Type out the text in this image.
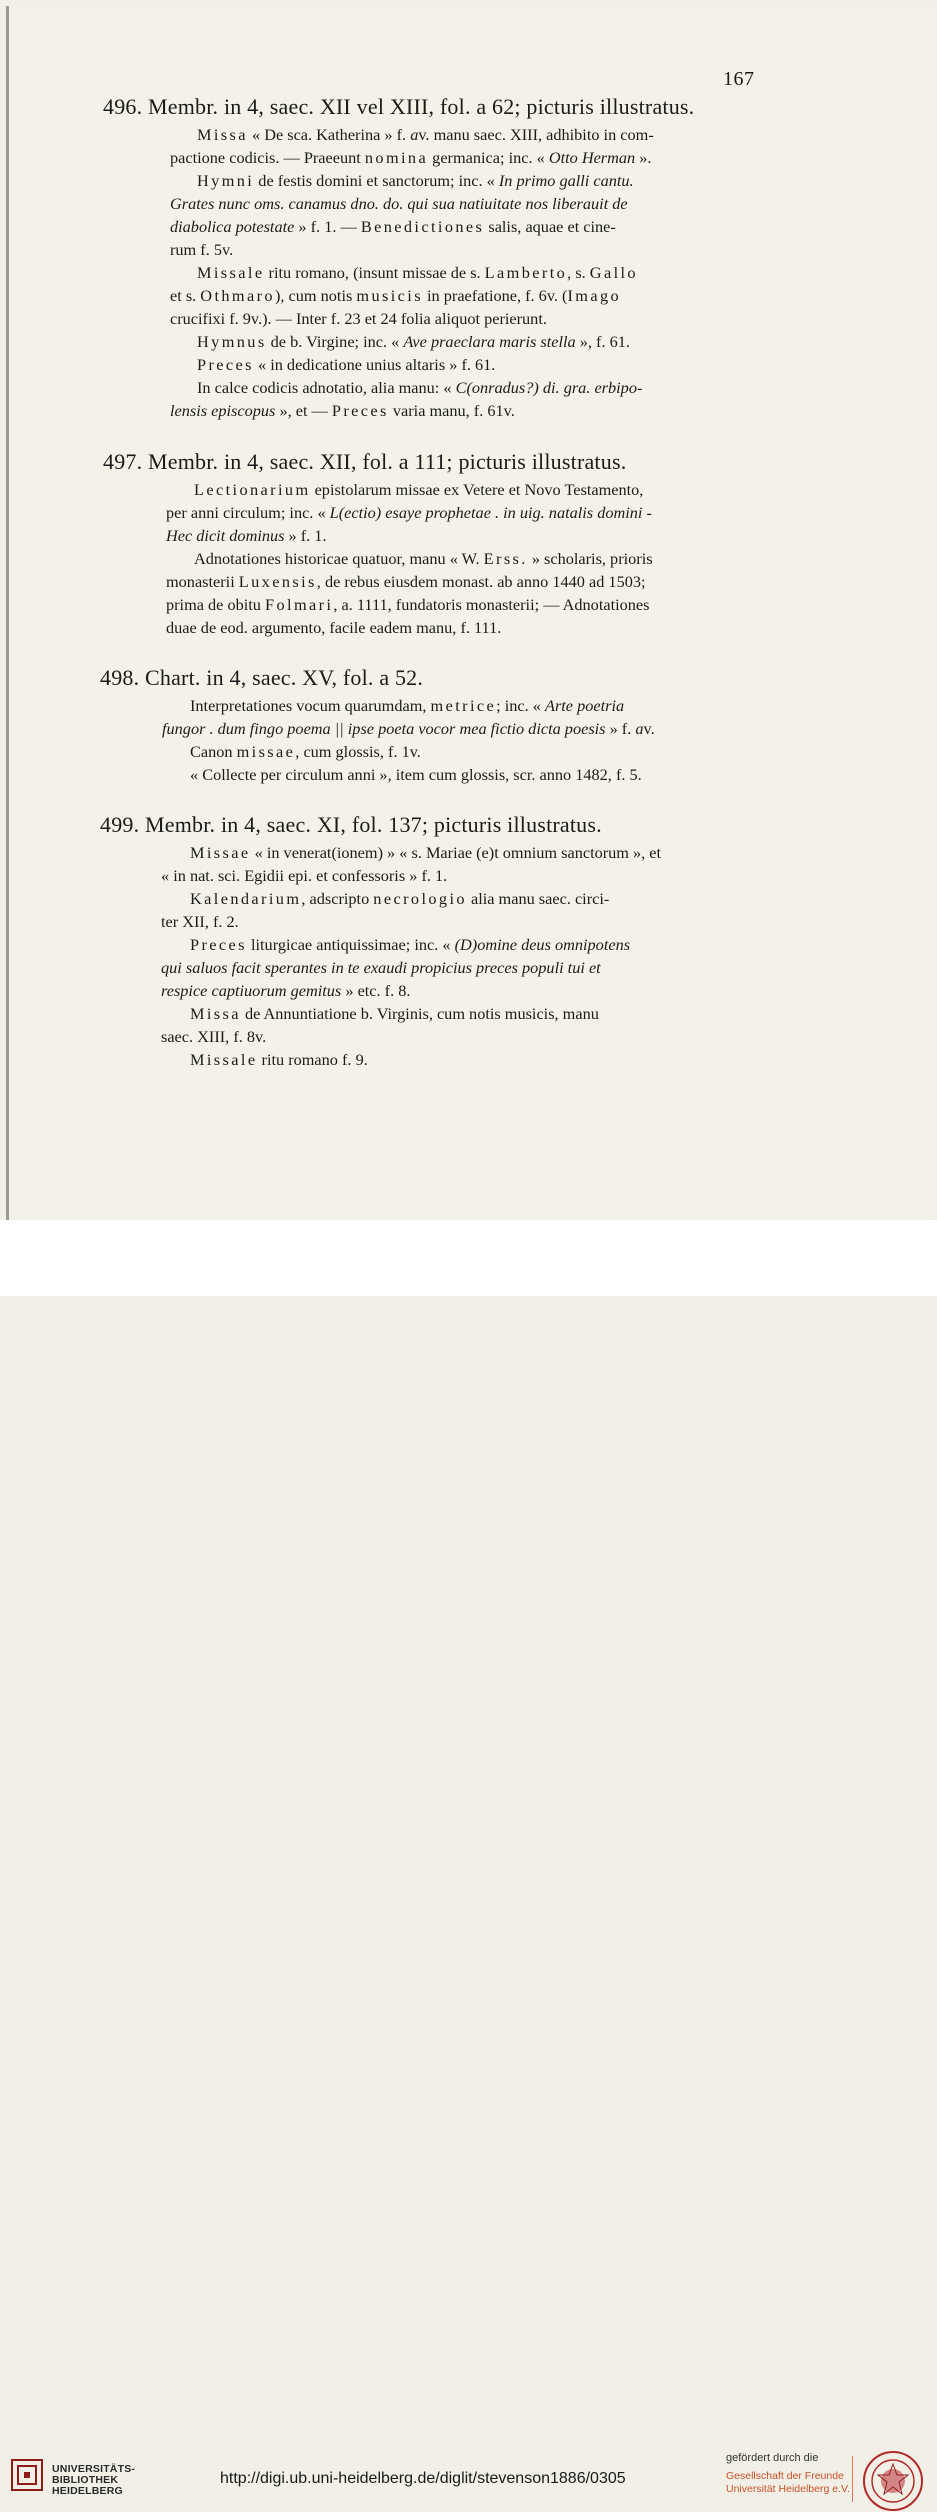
167
496. Membr. in 4, saec. XII vel XIII, fol. a 62; picturis illustratus.
Missa « De sca. Katherina » f. av. manu saec. XIII, adhibito in com-
pactione codicis. — Praeeunt nomina germanica; inc. « Otto Herman ».
Hymni de festis domini et sanctorum; inc. « In primo galli cantu.
Grates nunc oms. canamus dno. do. qui sua natiuitate nos liberauit de
diabolica potestate » f. 1. — Benedictiones salis, aquae et cine-
rum f. 5v.
Missale ritu romano, (insunt missae de s. Lamberto, s. Gallo
et s. Othmaro), cum notis musicis in praefatione, f. 6v. (Imago
crucifixi f. 9v.). — Inter f. 23 et 24 folia aliquot perierunt.
Hymnus de b. Virgine; inc. « Ave praeclara maris stella », f. 61.
Preces « in dedicatione unius altaris » f. 61.
In calce codicis adnotatio, alia manu: « C(onradus?) di. gra. erbipo-
lensis episcopus », et — Preces varia manu, f. 61v.
497. Membr. in 4, saec. XII, fol. a 111; picturis illustratus.
Lectionarium epistolarum missae ex Vetere et Novo Testamento,
per anni circulum; inc. « L(ectio) esaye prophetae . in uig. natalis domini -
Hec dicit dominus » f. 1.
Adnotationes historicae quatuor, manu « W. Erss. » scholaris, prioris
monasterii Luxensis, de rebus eiusdem monast. ab anno 1440 ad 1503;
prima de obitu Folmari, a. 1111, fundatoris monasterii; — Adnotationes
duae de eod. argumento, facile eadem manu, f. 111.
498. Chart. in 4, saec. XV, fol. a 52.
Interpretationes vocum quarumdam, metrice; inc. « Arte poetria
fungor . dum fingo poema || ipse poeta vocor mea fictio dicta poesis » f. av.
Canon missae, cum glossis, f. 1v.
« Collecte per circulum anni », item cum glossis, scr. anno 1482, f. 5.
499. Membr. in 4, saec. XI, fol. 137; picturis illustratus.
Missae « in venerat(ionem) » « s. Mariae (e)t omnium sanctorum », et
« in nat. sci. Egidii epi. et confessoris » f. 1.
Kalendarium, adscripto necrologio alia manu saec. circi-
ter XII, f. 2.
Preces liturgicae antiquissimae; inc. « (D)omine deus omnipotens
qui saluos facit sperantes in te exaudi propicius preces populi tui et
respice captiuorum gemitus » etc. f. 8.
Missa de Annuntiatione b. Virginis, cum notis musicis, manu
saec. XIII, f. 8v.
Missale ritu romano f. 9.
UNIVERSITÄTS-
BIBLIOTHEK
HEIDELBERG
http://digi.ub.uni-heidelberg.de/diglit/stevenson1886/0305
gefördert durch die
Gesellschaft der Freunde
Universität Heidelberg e.V.
